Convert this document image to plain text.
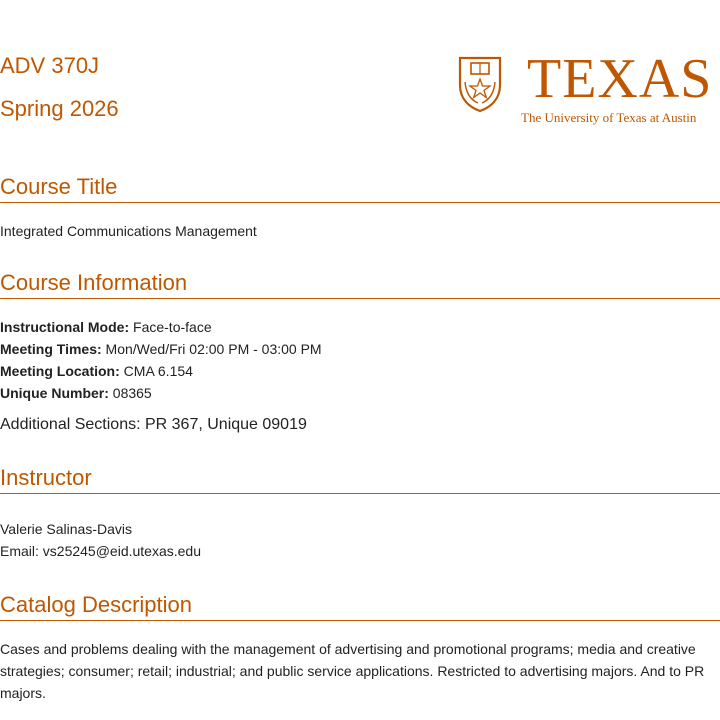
ADV 370J
Spring 2026	TEXAS
The University of Texas at Austin
Course Title

Integrated Communications Management

Course Information

Instructional Mode: Face-to-face

Meeting Times: Mon/Wed/Fri 02:00 PM - 03:00 PM

Meeting Location: CMA 6.154

Unique Number: 08365

Additional Sections: PR 367, Unique 09019

Instructor

Valerie Salinas-Davis

Email: vs25245@eid.utexas.edu

Catalog Description

Cases and problems dealing with the management of advertising and promotional programs; media and creative strategies; consumer; retail; industrial; and public service applications. Restricted to advertising majors. And to PR majors.
